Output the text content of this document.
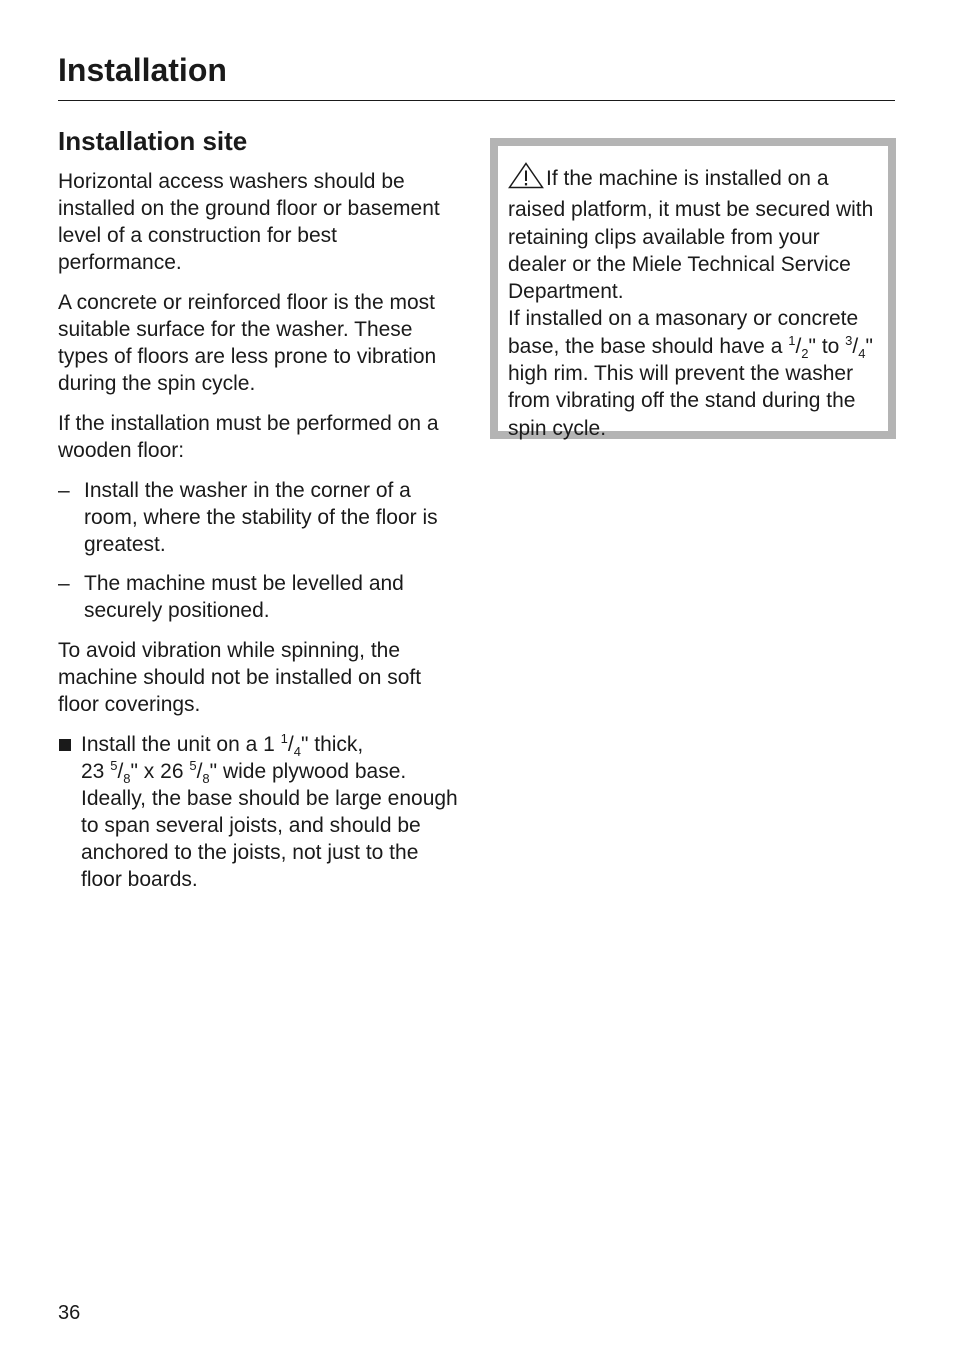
Installation
Installation site

Horizontal access washers should be installed on the ground floor or basement level of a construction for best performance.

A concrete or reinforced floor is the most suitable surface for the washer. These types of floors are less prone to vibration during the spin cycle.

If the installation must be performed on a wooden floor:

– Install the washer in the corner of a room, where the stability of the floor is greatest.
– The machine must be levelled and securely positioned.

To avoid vibration while spinning, the machine should not be installed on soft floor coverings.

Install the unit on a 1 $^1/_4$" thick,
23 $^5/_8$" x 26 $^5/_8$" wide plywood base. Ideally, the base should be large enough to span several joists, and should be anchored to the joists, not just to the floor boards.

If the machine is installed on a raised platform, it must be secured with retaining clips available from your dealer or the Miele Technical Service Department.
If installed on a masonary or concrete base, the base should have a $^1/_2$" to $^3/_4$" high rim. This will prevent the washer from vibrating off the stand during the spin cycle.

36
